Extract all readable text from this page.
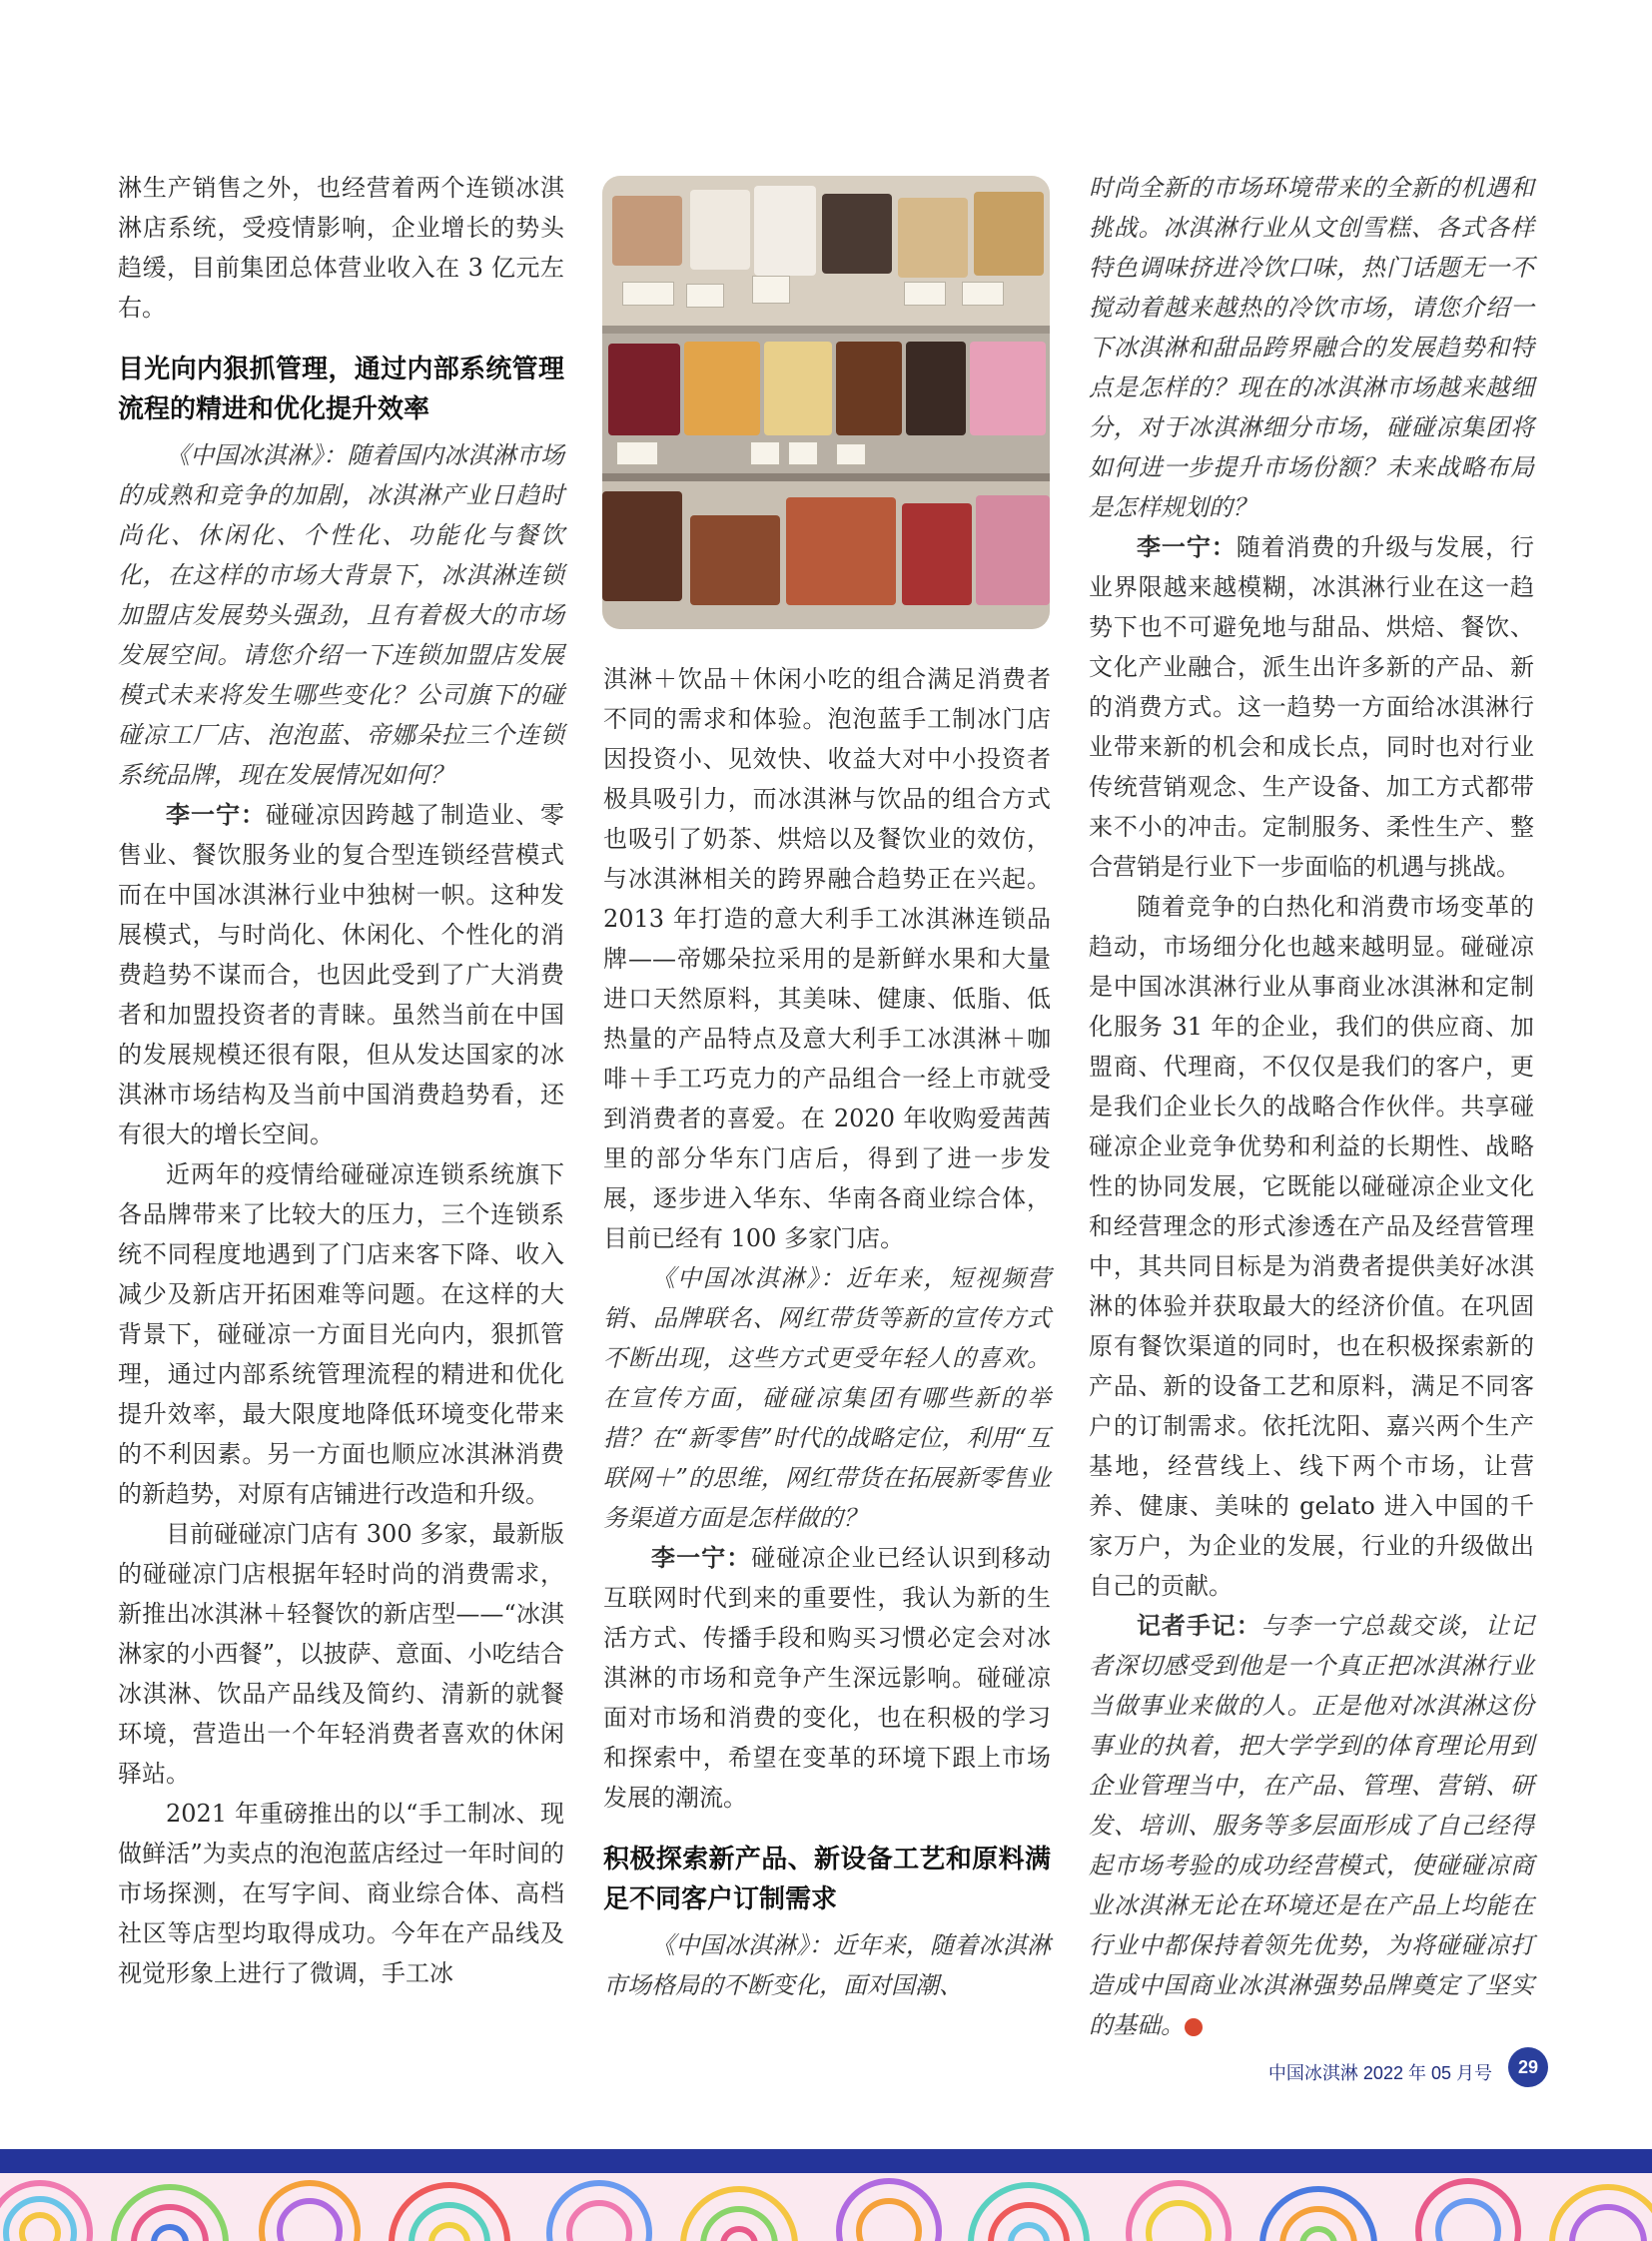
淋生产销售之外，也经营着两个连锁冰淇淋店系统，受疫情影响，企业增长的势头趋缓，目前集团总体营业收入在 3 亿元左右。

目光向内狠抓管理，通过内部系统管理流程的精进和优化提升效率

《中国冰淇淋》：随着国内冰淇淋市场的成熟和竞争的加剧，冰淇淋产业日趋时尚化、休闲化、个性化、功能化与餐饮化，在这样的市场大背景下，冰淇淋连锁加盟店发展势头强劲，且有着极大的市场发展空间。请您介绍一下连锁加盟店发展模式未来将发生哪些变化？公司旗下的碰碰凉工厂店、泡泡蓝、帝娜朵拉三个连锁系统品牌，现在发展情况如何？

李一宁：碰碰凉因跨越了制造业、零售业、餐饮服务业的复合型连锁经营模式而在中国冰淇淋行业中独树一帜。这种发展模式，与时尚化、休闲化、个性化的消费趋势不谋而合，也因此受到了广大消费者和加盟投资者的青睐。虽然当前在中国的发展规模还很有限，但从发达国家的冰淇淋市场结构及当前中国消费趋势看，还有很大的增长空间。

近两年的疫情给碰碰凉连锁系统旗下各品牌带来了比较大的压力，三个连锁系统不同程度地遇到了门店来客下降、收入减少及新店开拓困难等问题。在这样的大背景下，碰碰凉一方面目光向内，狠抓管理，通过内部系统管理流程的精进和优化提升效率，最大限度地降低环境变化带来的不利因素。另一方面也顺应冰淇淋消费的新趋势，对原有店铺进行改造和升级。

目前碰碰凉门店有 300 多家，最新版的碰碰凉门店根据年轻时尚的消费需求，新推出冰淇淋＋轻餐饮的新店型——“冰淇淋家的小西餐”，以披萨、意面、小吃结合冰淇淋、饮品产品线及简约、清新的就餐环境，营造出一个年轻消费者喜欢的休闲驿站。

2021 年重磅推出的以“手工制冰、现做鲜活”为卖点的泡泡蓝店经过一年时间的市场探测，在写字间、商业综合体、高档社区等店型均取得成功。今年在产品线及视觉形象上进行了微调，手工冰

淇淋＋饮品＋休闲小吃的组合满足消费者不同的需求和体验。泡泡蓝手工制冰门店因投资小、见效快、收益大对中小投资者极具吸引力，而冰淇淋与饮品的组合方式也吸引了奶茶、烘焙以及餐饮业的效仿，与冰淇淋相关的跨界融合趋势正在兴起。2013 年打造的意大利手工冰淇淋连锁品牌——帝娜朵拉采用的是新鲜水果和大量进口天然原料，其美味、健康、低脂、低热量的产品特点及意大利手工冰淇淋＋咖啡＋手工巧克力的产品组合一经上市就受到消费者的喜爱。在 2020 年收购爱茜茜里的部分华东门店后，得到了进一步发展，逐步进入华东、华南各商业综合体，目前已经有 100 多家门店。

《中国冰淇淋》：近年来，短视频营销、品牌联名、网红带货等新的宣传方式不断出现，这些方式更受年轻人的喜欢。在宣传方面，碰碰凉集团有哪些新的举措？在“新零售”时代的战略定位，利用“互联网＋”的思维，网红带货在拓展新零售业务渠道方面是怎样做的？

李一宁：碰碰凉企业已经认识到移动互联网时代到来的重要性，我认为新的生活方式、传播手段和购买习惯必定会对冰淇淋的市场和竞争产生深远影响。碰碰凉面对市场和消费的变化，也在积极的学习和探索中，希望在变革的环境下跟上市场发展的潮流。

积极探索新产品、新设备工艺和原料满足不同客户订制需求

《中国冰淇淋》：近年来，随着冰淇淋市场格局的不断变化，面对国潮、

时尚全新的市场环境带来的全新的机遇和挑战。冰淇淋行业从文创雪糕、各式各样特色调味挤进冷饮口味，热门话题无一不搅动着越来越热的冷饮市场，请您介绍一下冰淇淋和甜品跨界融合的发展趋势和特点是怎样的？现在的冰淇淋市场越来越细分，对于冰淇淋细分市场，碰碰凉集团将如何进一步提升市场份额？未来战略布局是怎样规划的？

李一宁：随着消费的升级与发展，行业界限越来越模糊，冰淇淋行业在这一趋势下也不可避免地与甜品、烘焙、餐饮、文化产业融合，派生出许多新的产品、新的消费方式。这一趋势一方面给冰淇淋行业带来新的机会和成长点，同时也对行业传统营销观念、生产设备、加工方式都带来不小的冲击。定制服务、柔性生产、整合营销是行业下一步面临的机遇与挑战。

随着竞争的白热化和消费市场变革的趋动，市场细分化也越来越明显。碰碰凉是中国冰淇淋行业从事商业冰淇淋和定制化服务 31 年的企业，我们的供应商、加盟商、代理商，不仅仅是我们的客户，更是我们企业长久的战略合作伙伴。共享碰碰凉企业竞争优势和利益的长期性、战略性的协同发展，它既能以碰碰凉企业文化和经营理念的形式渗透在产品及经营管理中，其共同目标是为消费者提供美好冰淇淋的体验并获取最大的经济价值。在巩固原有餐饮渠道的同时，也在积极探索新的产品、新的设备工艺和原料，满足不同客户的订制需求。依托沈阳、嘉兴两个生产基地，经营线上、线下两个市场，让营养、健康、美味的 gelato 进入中国的千家万户，为企业的发展，行业的升级做出自己的贡献。

记者手记：与李一宁总裁交谈，让记者深切感受到他是一个真正把冰淇淋行业当做事业来做的人。正是他对冰淇淋这份事业的执着，把大学学到的体育理论用到企业管理当中，在产品、管理、营销、研发、培训、服务等多层面形成了自己经得起市场考验的成功经营模式，使碰碰凉商业冰淇淋无论在环境还是在产品上均能在行业中都保持着领先优势，为将碰碰凉打造成中国商业冰淇淋强势品牌奠定了坚实的基础。	❀

中国冰淇淋 2022 年 05 月号	29
